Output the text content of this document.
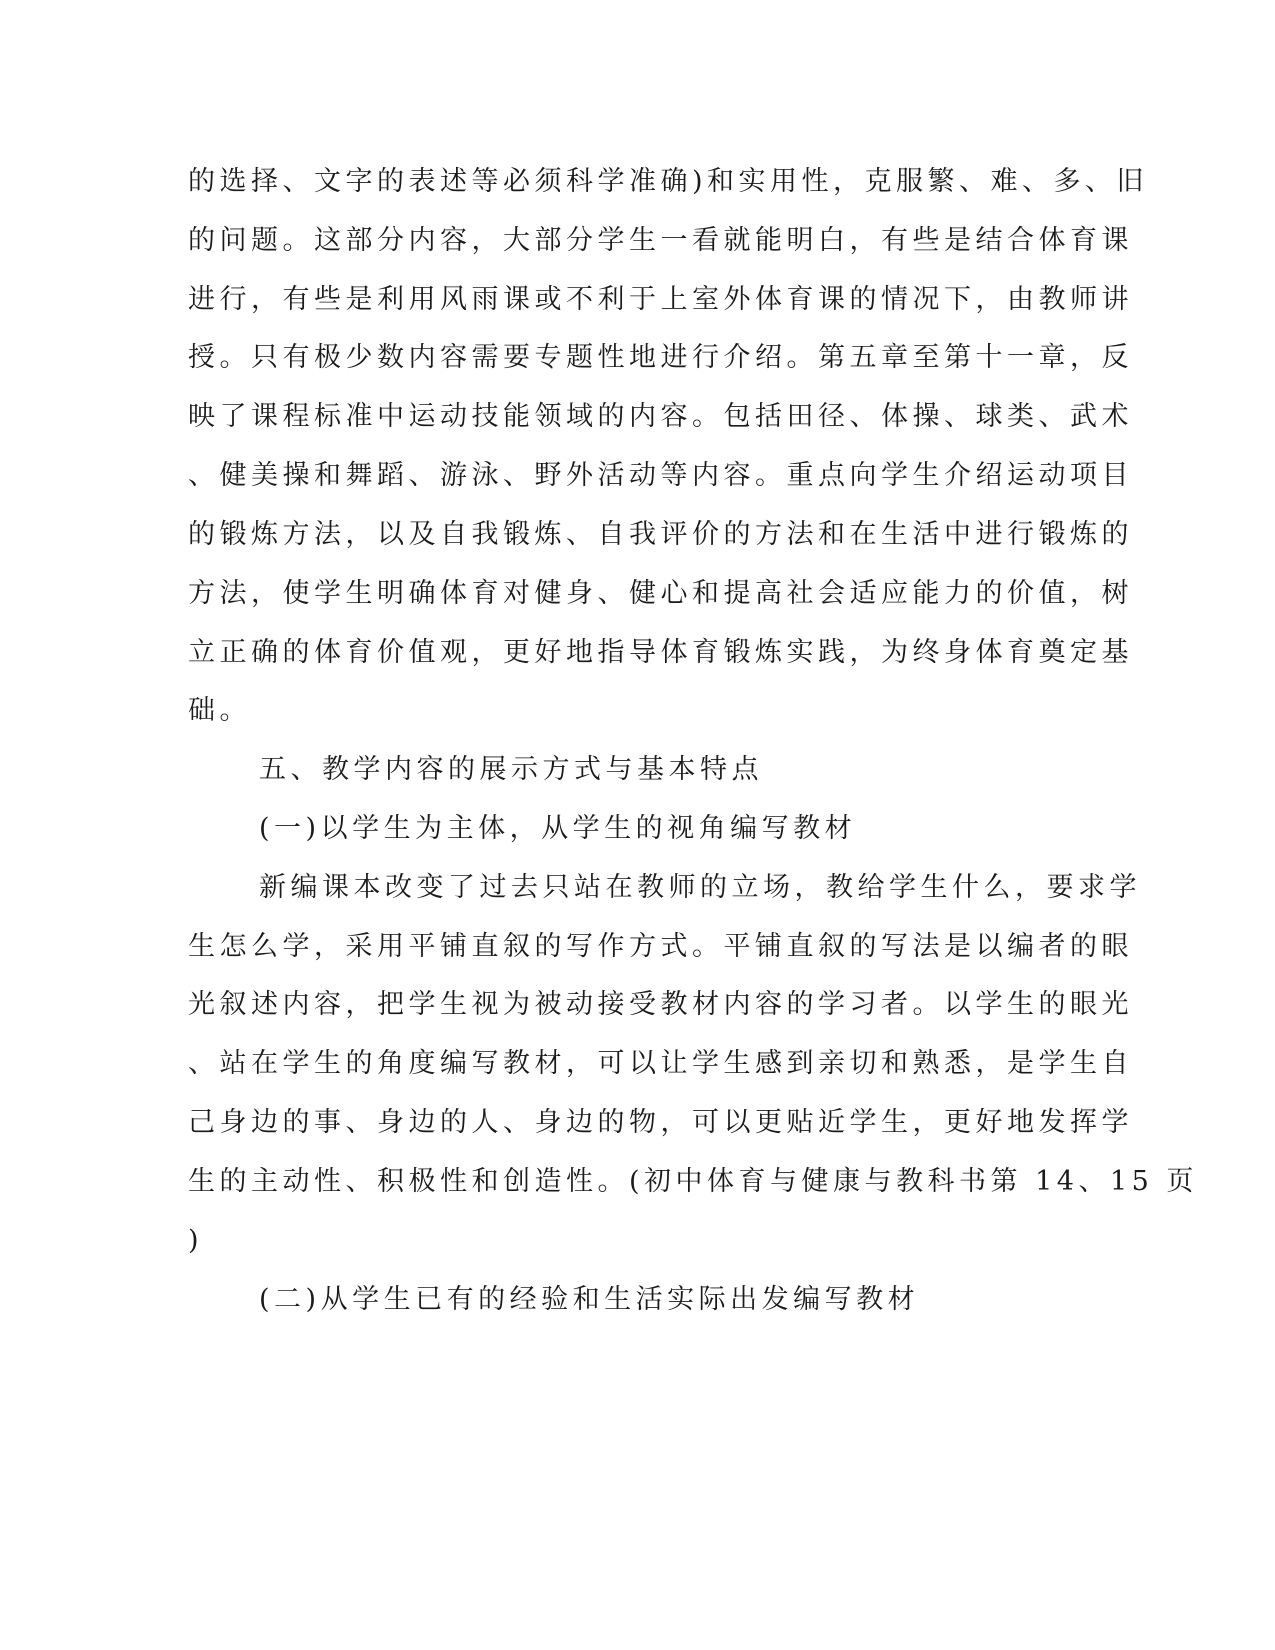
的选择、文字的表述等必须科学准确)和实用性，克服繁、难、多、旧
的问题。这部分内容，大部分学生一看就能明白，有些是结合体育课
进行，有些是利用风雨课或不利于上室外体育课的情况下，由教师讲
授。只有极少数内容需要专题性地进行介绍。第五章至第十一章，反
映了课程标准中运动技能领域的内容。包括田径、体操、球类、武术
、健美操和舞蹈、游泳、野外活动等内容。重点向学生介绍运动项目
的锻炼方法，以及自我锻炼、自我评价的方法和在生活中进行锻炼的
方法，使学生明确体育对健身、健心和提高社会适应能力的价值，树
立正确的体育价值观，更好地指导体育锻炼实践，为终身体育奠定基
础。
五、教学内容的展示方式与基本特点
(一)以学生为主体，从学生的视角编写教材
新编课本改变了过去只站在教师的立场，教给学生什么，要求学
生怎么学，采用平铺直叙的写作方式。平铺直叙的写法是以编者的眼
光叙述内容，把学生视为被动接受教材内容的学习者。以学生的眼光
、站在学生的角度编写教材，可以让学生感到亲切和熟悉，是学生自
己身边的事、身边的人、身边的物，可以更贴近学生，更好地发挥学
生的主动性、积极性和创造性。(初中体育与健康与教科书第 14、15 页
)
(二)从学生已有的经验和生活实际出发编写教材
